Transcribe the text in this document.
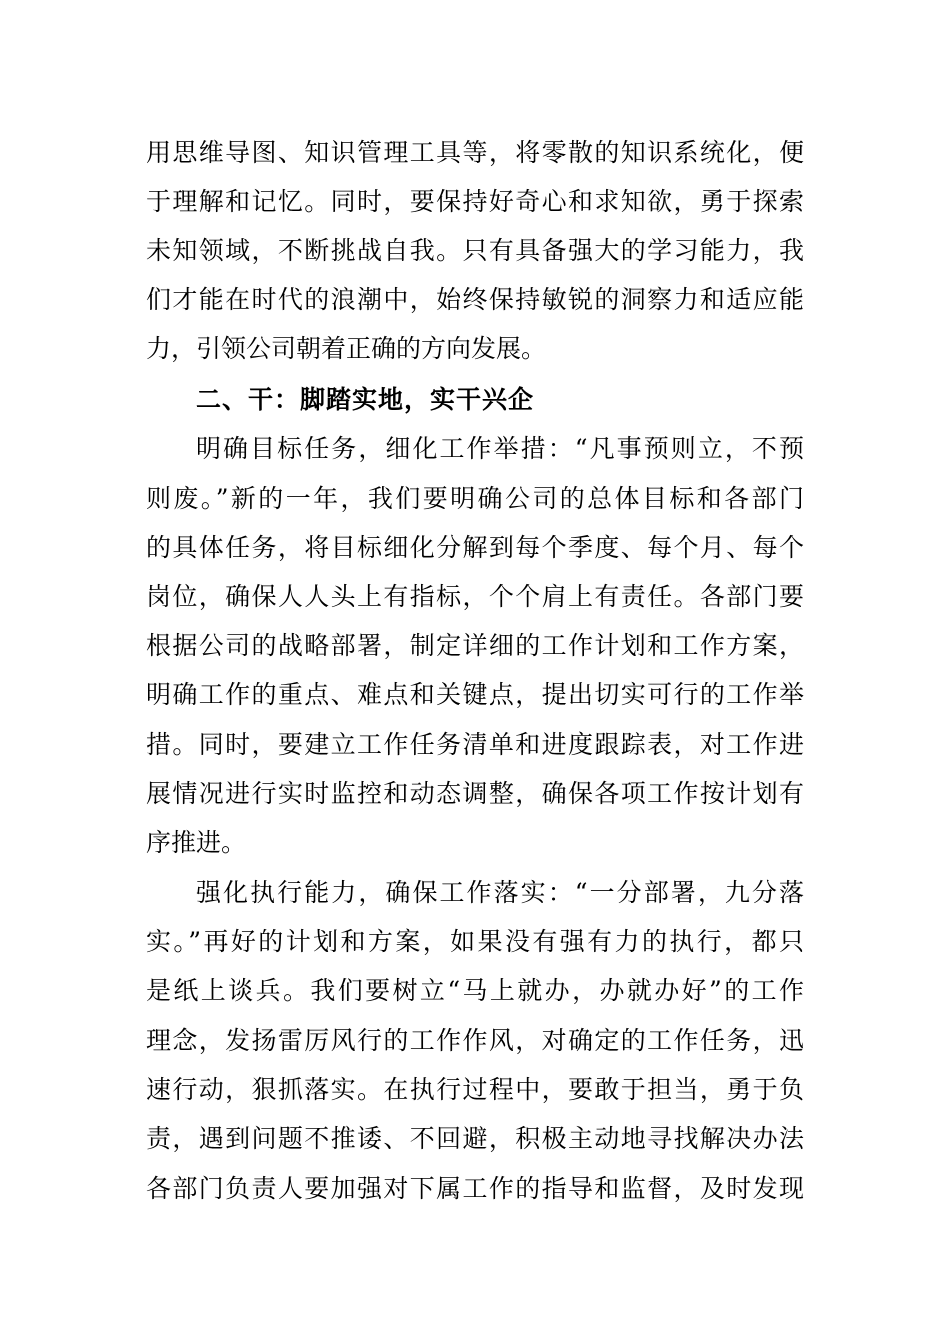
用思维导图、知识管理工具等，将零散的知识系统化，便
于理解和记忆。同时，要保持好奇心和求知欲，勇于探索
未知领域，不断挑战自我。只有具备强大的学习能力，我
们才能在时代的浪潮中，始终保持敏锐的洞察力和适应能
力，引领公司朝着正确的方向发展。
二、干：脚踏实地，实干兴企
明确目标任务，细化工作举措：“凡事预则立，不预
则废。”新的一年，我们要明确公司的总体目标和各部门
的具体任务，将目标细化分解到每个季度、每个月、每个
岗位，确保人人头上有指标，个个肩上有责任。各部门要
根据公司的战略部署，制定详细的工作计划和工作方案，
明确工作的重点、难点和关键点，提出切实可行的工作举
措。同时，要建立工作任务清单和进度跟踪表，对工作进
展情况进行实时监控和动态调整，确保各项工作按计划有
序推进。
强化执行能力，确保工作落实：“一分部署，九分落
实。”再好的计划和方案，如果没有强有力的执行，都只
是纸上谈兵。我们要树立“马上就办，办就办好”的工作
理念，发扬雷厉风行的工作作风，对确定的工作任务，迅
速行动，狠抓落实。在执行过程中，要敢于担当，勇于负
责，遇到问题不推诿、不回避，积极主动地寻找解决办法
各部门负责人要加强对下属工作的指导和监督，及时发现
